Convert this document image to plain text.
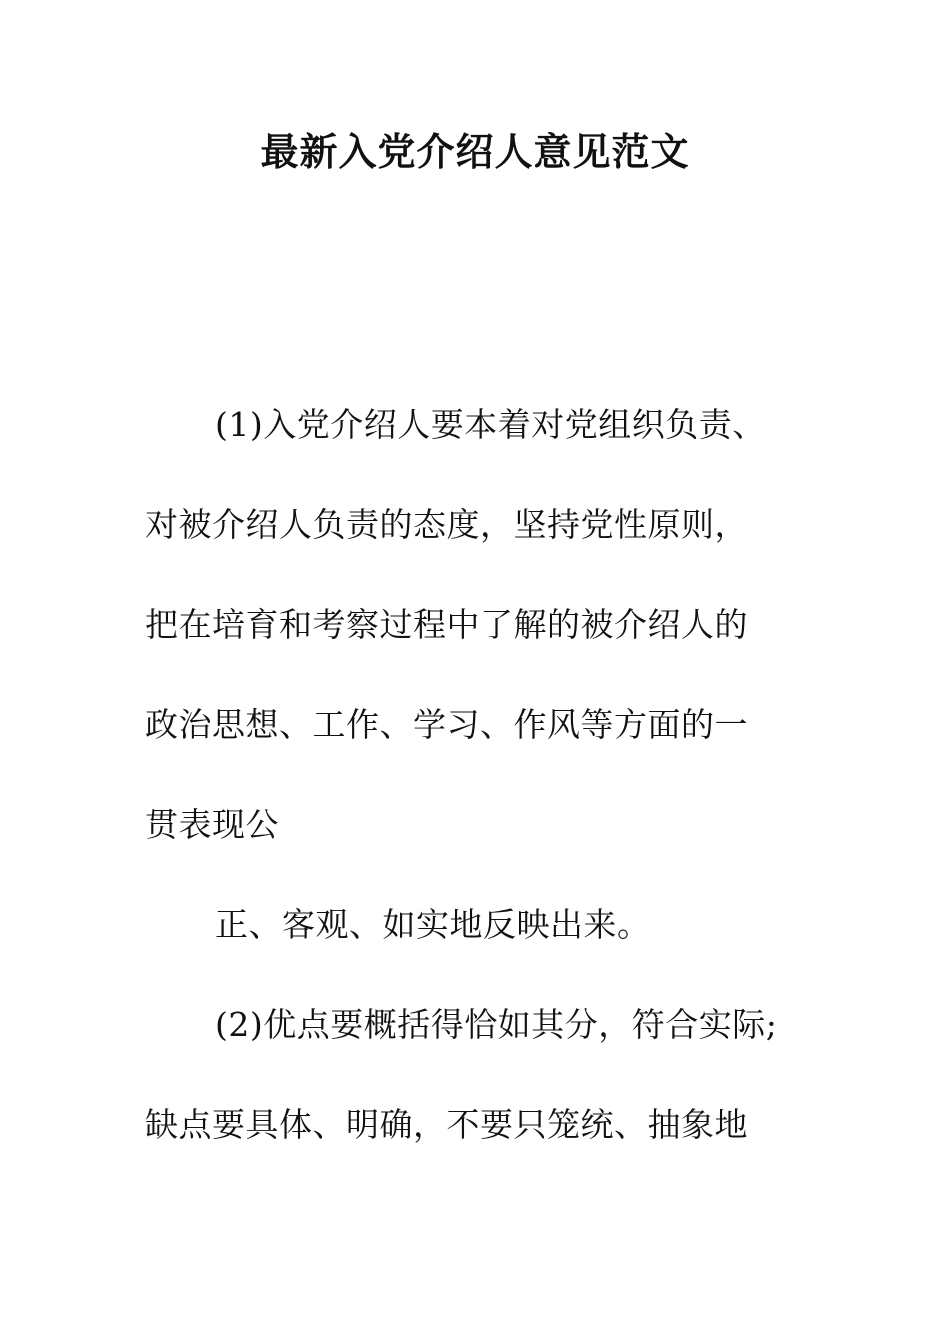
最新入党介绍人意见范文
(1)入党介绍人要本着对党组织负责、
对被介绍人负责的态度，坚持党性原则，
把在培育和考察过程中了解的被介绍人的
政治思想、工作、学习、作风等方面的一
贯表现公
正、客观、如实地反映出来。
(2)优点要概括得恰如其分，符合实际;
缺点要具体、明确，不要只笼统、抽象地
